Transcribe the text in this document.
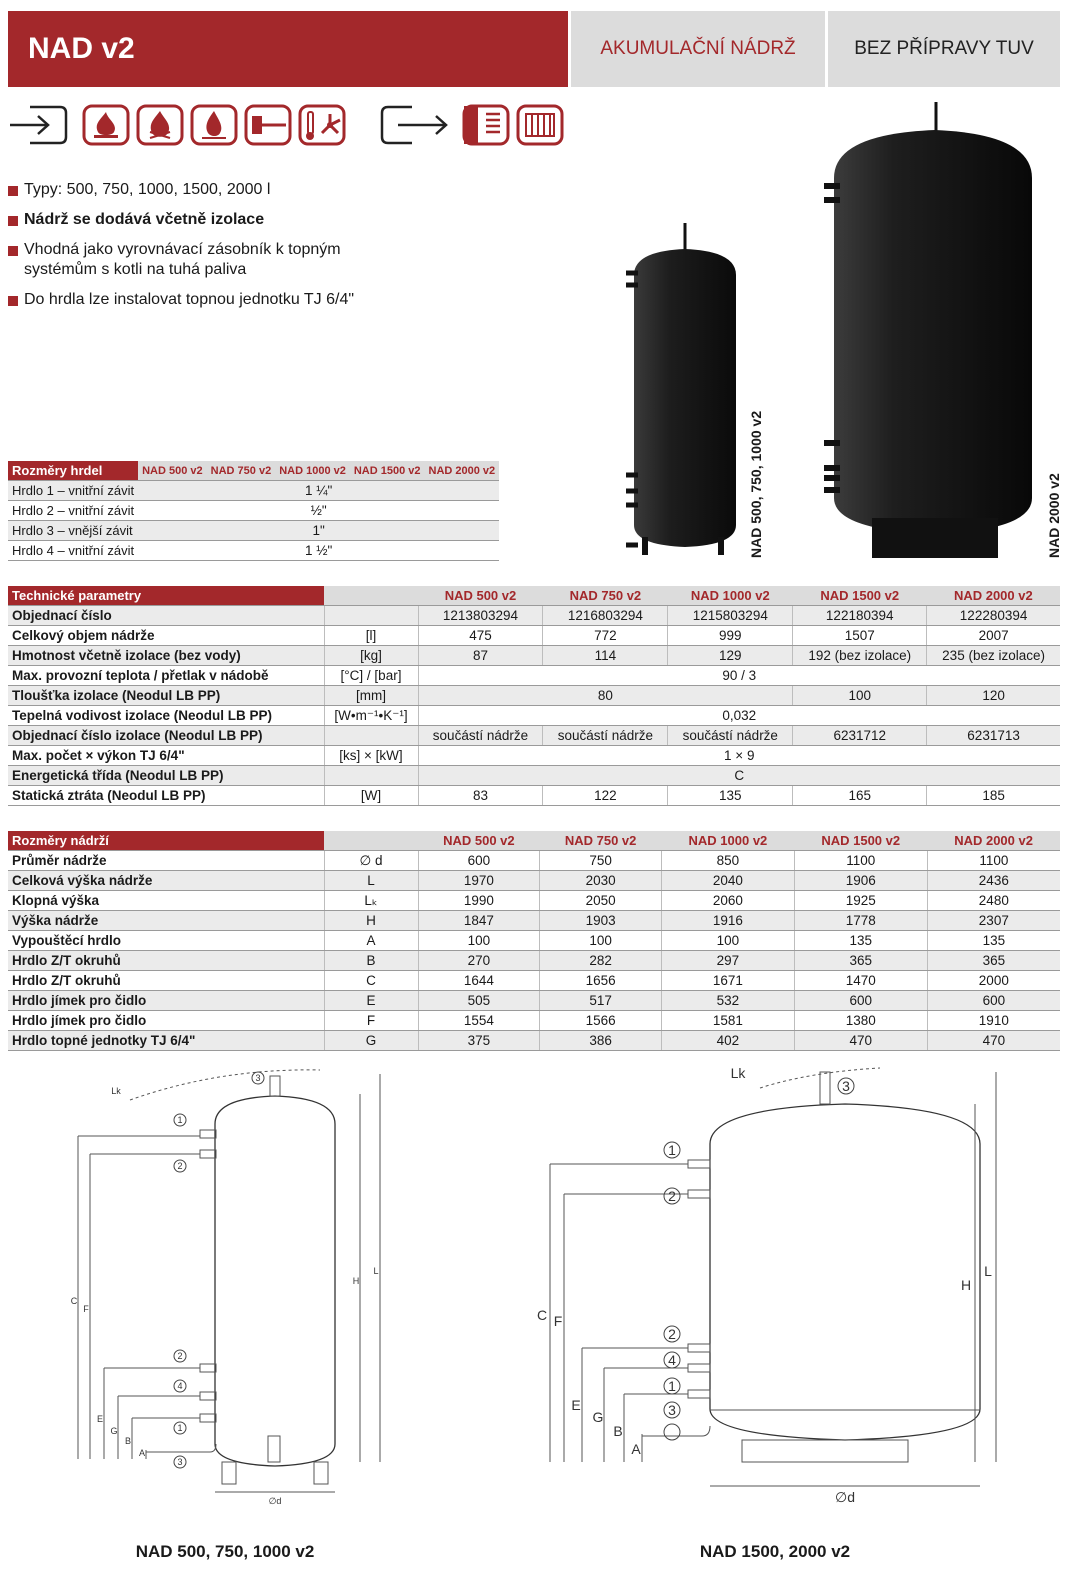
NAD v2	AKUMULAČNÍ NÁDRŽ	BEZ PŘÍPRAVY TUV
Typy: 500, 750, 1000, 1500, 2000 l
Nádrž se dodává včetně izolace
Vhodná jako vyrovnávací zásobník k topným systémům s kotli na tuhá paliva
Do hrdla lze instalovat topnou jednotku TJ 6/4"
NAD 500, 750, 1000 v2	NAD 2000 v2
Rozměry hrdel	NAD 500 v2	NAD 750 v2	NAD 1000 v2	NAD 1500 v2	NAD 2000 v2
Hrdlo 1 – vnitřní závit	1 ¼"				
Hrdlo 2 – vnitřní závit	½"				
Hrdlo 3 – vnější závit	1"				
Hrdlo 4 – vnitřní závit	1 ½"				
Technické parametry		NAD 500 v2	NAD 750 v2	NAD 1000 v2	NAD 1500 v2	NAD 2000 v2
Objednací číslo		1213803294	1216803294	1215803294	122180394	122280394
Celkový objem nádrže	[l]	475	772	999	1507	2007
Hmotnost včetně izolace (bez vody)	[kg]	87	114	129	192 (bez izolace)	235 (bez izolace)
Max. provozní teplota / přetlak v nádobě	[°C] / [bar]	90 / 3				
Tloušťka izolace (Neodul LB PP)	[mm]	80			100	120
Tepelná vodivost izolace (Neodul LB PP)	[W•m⁻¹•K⁻¹]	0,032				
Objednací číslo izolace (Neodul LB PP)		součástí nádrže	součástí nádrže	součástí nádrže	6231712	6231713
Max. počet × výkon TJ 6/4"	[ks] × [kW]	1 × 9				
Energetická třída (Neodul LB PP)		C				
Statická ztráta (Neodul LB PP)	[W]	83	122	135	165	185
Rozměry nádrží		NAD 500 v2	NAD 750 v2	NAD 1000 v2	NAD 1500 v2	NAD 2000 v2
Průměr nádrže	∅ d	600	750	850	1100	1100
Celková výška nádrže	L	1970	2030	2040	1906	2436
Klopná výška	Lₖ	1990	2050	2060	1925	2480
Výška nádrže	H	1847	1903	1916	1778	2307
Vypouštěcí hrdlo	A	100	100	100	135	135
Hrdlo Z/T okruhů	B	270	282	297	365	365
Hrdlo Z/T okruhů	C	1644	1656	1671	1470	2000
Hrdlo jímek pro čidlo	E	505	517	532	600	600
Hrdlo jímek pro čidlo	F	1554	1566	1581	1380	1910
Hrdlo topné jednotky TJ 6/4"	G	375	386	402	470	470
3
1
2
2
4
1
3
Lk
C
F
E
G
B
A
H
L
∅d
3
1
2
2
4
1
3
Lk
C F
E
G
B
A
H
L
∅d
NAD 500, 750, 1000 v2	NAD 1500, 2000 v2
